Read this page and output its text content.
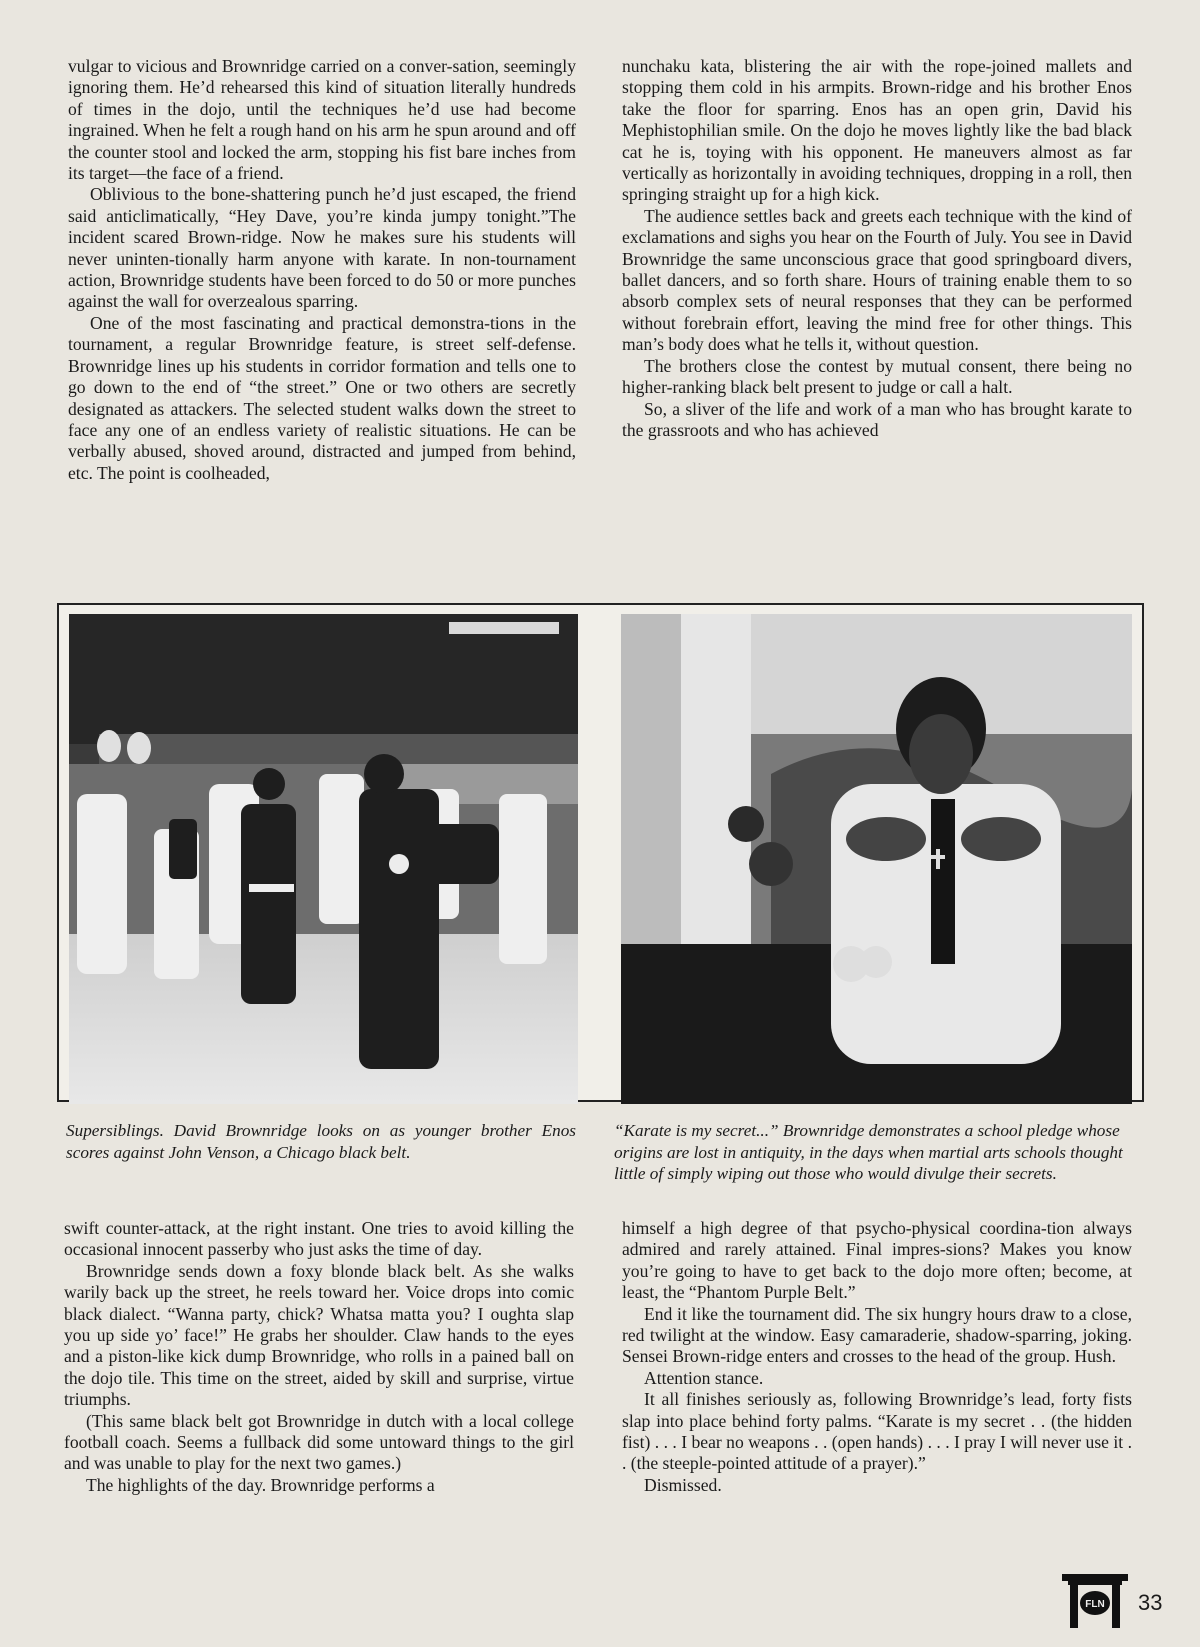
vulgar to vicious and Brownridge carried on a conver-sation, seemingly ignoring them. He’d rehearsed this kind of situation literally hundreds of times in the dojo, until the techniques he’d use had become ingrained. When he felt a rough hand on his arm he spun around and off the counter stool and locked the arm, stopping his fist bare inches from its target—the face of a friend.

Oblivious to the bone-shattering punch he’d just escaped, the friend said anticlimatically, “Hey Dave, you’re kinda jumpy tonight.”The incident scared Brown-ridge. Now he makes sure his students will never uninten-tionally harm anyone with karate. In non-tournament action, Brownridge students have been forced to do 50 or more punches against the wall for overzealous sparring.

One of the most fascinating and practical demonstra-tions in the tournament, a regular Brownridge feature, is street self-defense. Brownridge lines up his students in corridor formation and tells one to go down to the end of “the street.” One or two others are secretly designated as attackers. The selected student walks down the street to face any one of an endless variety of realistic situations. He can be verbally abused, shoved around, distracted and jumped from behind, etc. The point is coolheaded,

nunchaku kata, blistering the air with the rope-joined mallets and stopping them cold in his armpits. Brown-ridge and his brother Enos take the floor for sparring. Enos has an open grin, David his Mephistophilian smile. On the dojo he moves lightly like the bad black cat he is, toying with his opponent. He maneuvers almost as far vertically as horizontally in avoiding techniques, dropping in a roll, then springing straight up for a high kick.

The audience settles back and greets each technique with the kind of exclamations and sighs you hear on the Fourth of July. You see in David Brownridge the same unconscious grace that good springboard divers, ballet dancers, and so forth share. Hours of training enable them to so absorb complex sets of neural responses that they can be performed without forebrain effort, leaving the mind free for other things. This man’s body does what he tells it, without question.

The brothers close the contest by mutual consent, there being no higher-ranking black belt present to judge or call a halt.

So, a sliver of the life and work of a man who has brought karate to the grassroots and who has achieved

Supersiblings. David Brownridge looks on as younger brother Enos scores against John Venson, a Chicago black belt.
“Karate is my secret...” Brownridge demonstrates a school pledge whose origins are lost in antiquity, in the days when martial arts schools thought little of simply wiping out those who would divulge their secrets.

swift counter-attack, at the right instant. One tries to avoid killing the occasional innocent passerby who just asks the time of day.

Brownridge sends down a foxy blonde black belt. As she walks warily back up the street, he reels toward her. Voice drops into comic black dialect. “Wanna party, chick? Whatsa matta you? I oughta slap you up side yo’ face!” He grabs her shoulder. Claw hands to the eyes and a piston-like kick dump Brownridge, who rolls in a pained ball on the dojo tile. This time on the street, aided by skill and surprise, virtue triumphs.

(This same black belt got Brownridge in dutch with a local college football coach. Seems a fullback did some untoward things to the girl and was unable to play for the next two games.)

The highlights of the day. Brownridge performs a

himself a high degree of that psycho-physical coordina-tion always admired and rarely attained. Final impres-sions? Makes you know you’re going to have to get back to the dojo more often; become, at least, the “Phantom Purple Belt.”

End it like the tournament did. The six hungry hours draw to a close, red twilight at the window. Easy camaraderie, shadow-sparring, joking. Sensei Brown-ridge enters and crosses to the head of the group. Hush.

Attention stance.

It all finishes seriously as, following Brownridge’s lead, forty fists slap into place behind forty palms. “Karate is my secret . . (the hidden fist) . . . I bear no weapons . . (open hands) . . . I pray I will never use it . . (the steeple-pointed attitude of a prayer).”

Dismissed.

FLN 33
